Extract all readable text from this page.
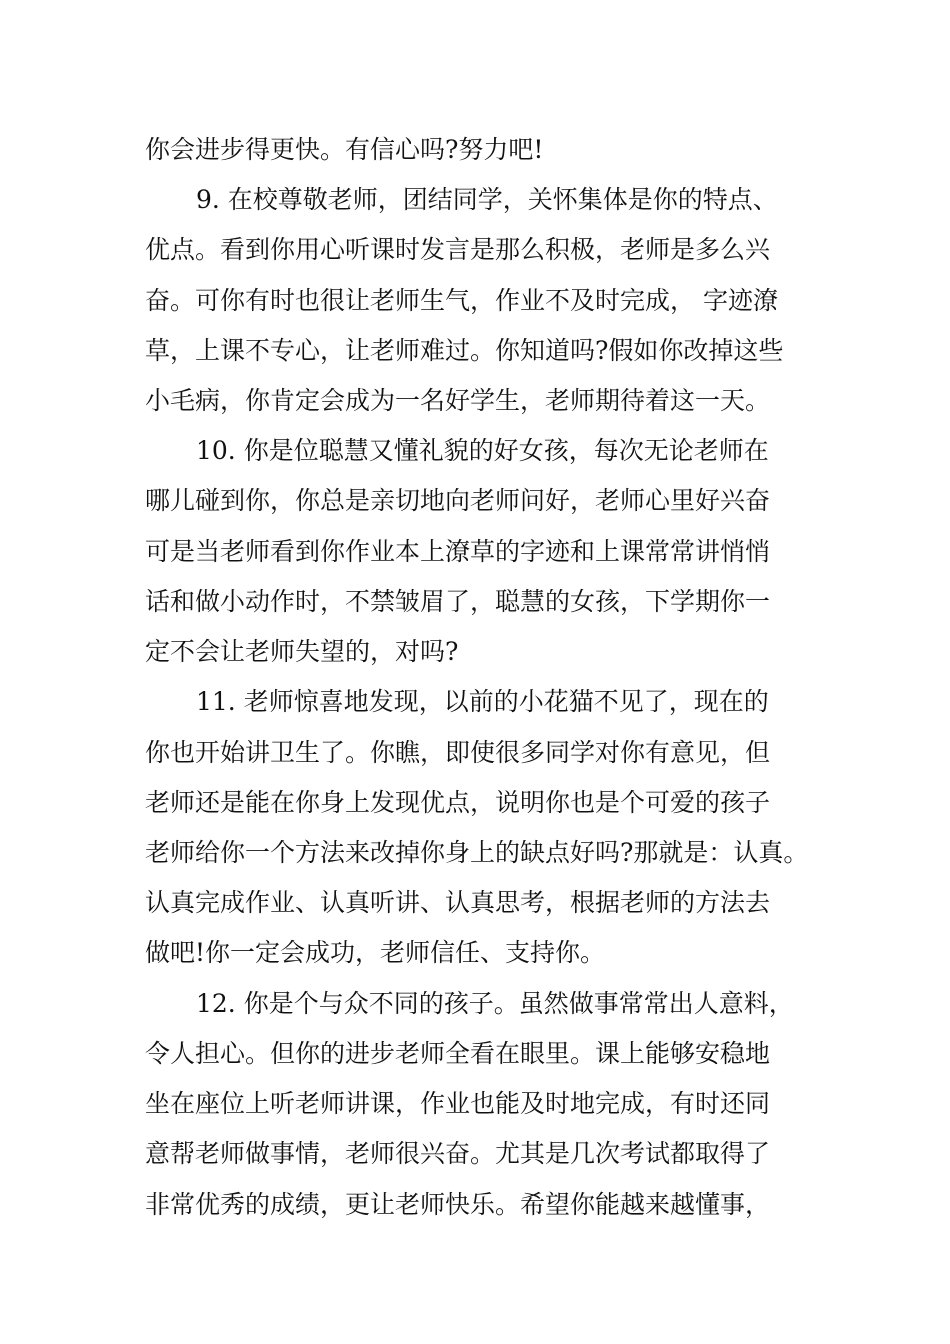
你会进步得更快。有信心吗?努力吧!
9. 在校尊敬老师，团结同学，关怀集体是你的特点、
优点。看到你用心听课时发言是那么积极，老师是多么兴
奋。可你有时也很让老师生气，作业不及时完成， 字迹潦
草，上课不专心，让老师难过。你知道吗?假如你改掉这些
小毛病，你肯定会成为一名好学生，老师期待着这一天。
10. 你是位聪慧又懂礼貌的好女孩，每次无论老师在
哪儿碰到你，你总是亲切地向老师问好，老师心里好兴奋
可是当老师看到你作业本上潦草的字迹和上课常常讲悄悄
话和做小动作时，不禁皱眉了，聪慧的女孩，下学期你一
定不会让老师失望的，对吗?
11. 老师惊喜地发现，以前的小花猫不见了，现在的
你也开始讲卫生了。你瞧，即使很多同学对你有意见，但
老师还是能在你身上发现优点，说明你也是个可爱的孩子
老师给你一个方法来改掉你身上的缺点好吗?那就是：认真。
认真完成作业、认真听讲、认真思考，根据老师的方法去
做吧!你一定会成功，老师信任、支持你。
12. 你是个与众不同的孩子。虽然做事常常出人意料，
令人担心。但你的进步老师全看在眼里。课上能够安稳地
坐在座位上听老师讲课，作业也能及时地完成，有时还同
意帮老师做事情，老师很兴奋。尤其是几次考试都取得了
非常优秀的成绩，更让老师快乐。希望你能越来越懂事，
